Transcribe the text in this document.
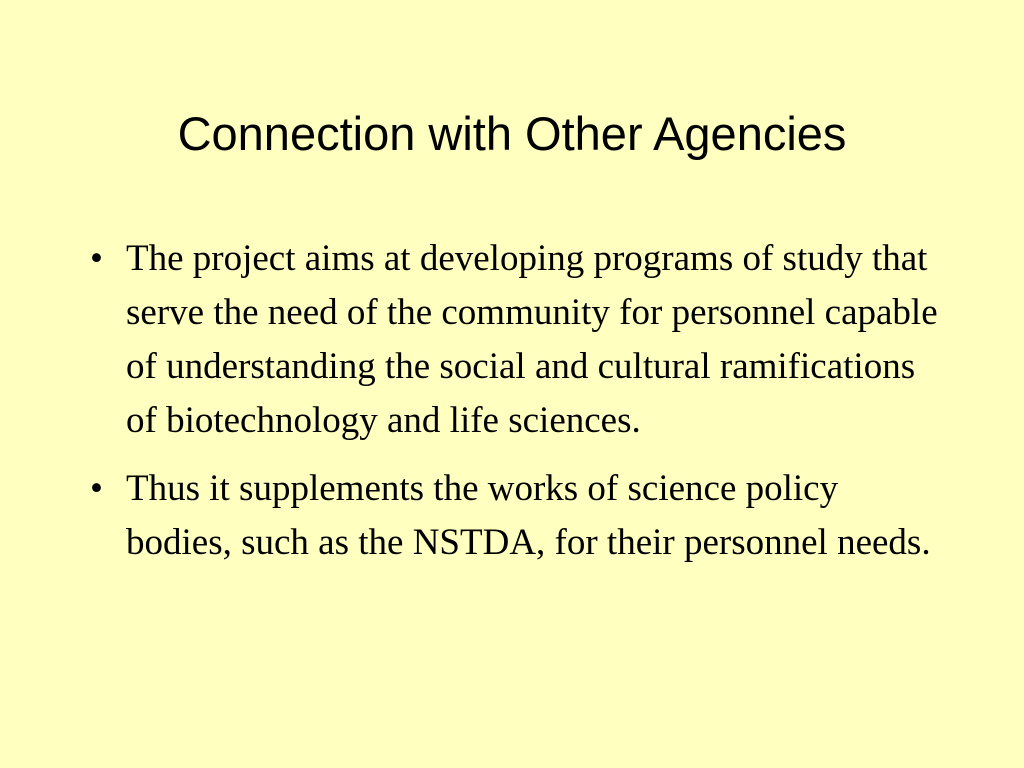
Connection with Other Agencies
• The project aims at developing programs of study that serve the need of the community for personnel capable of understanding the social and cultural ramifications of biotechnology and life sciences.
• Thus it supplements the works of science policy bodies, such as the NSTDA, for their personnel needs.
